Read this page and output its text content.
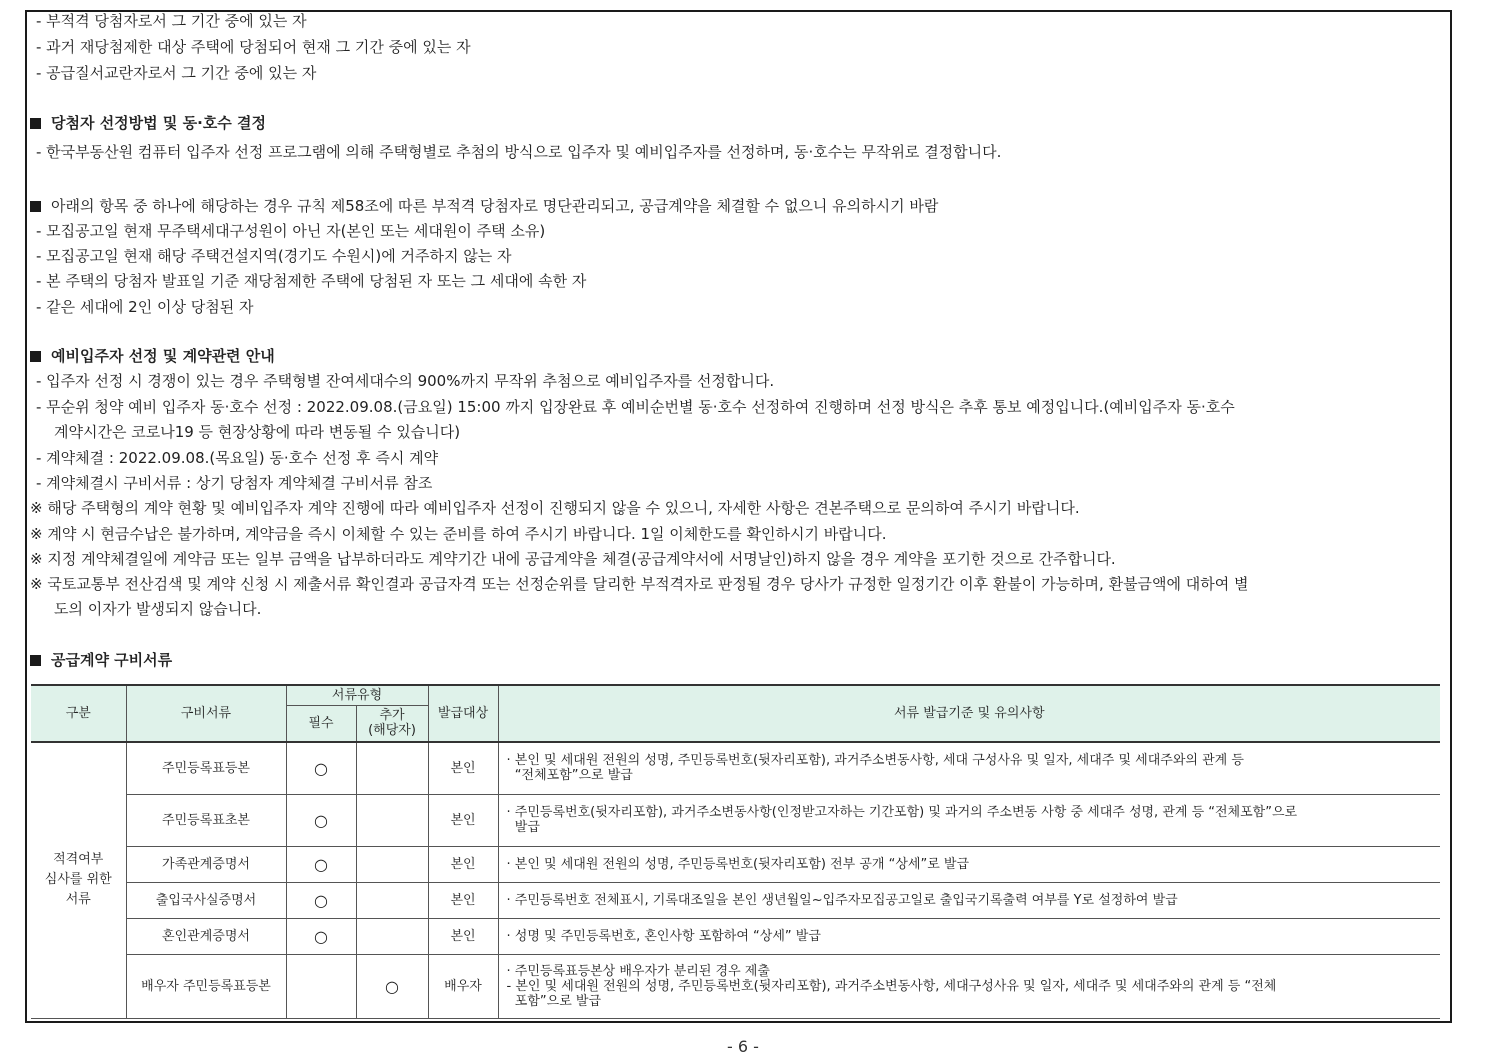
- 부적격 당첨자로서 그 기간 중에 있는 자
- 과거 재당첨제한 대상 주택에 당첨되어 현재 그 기간 중에 있는 자
- 공급질서교란자로서 그 기간 중에 있는 자
당첨자 선정방법 및 동·호수 결정
- 한국부동산원 컴퓨터 입주자 선정 프로그램에 의해 주택형별로 추첨의 방식으로 입주자 및 예비입주자를 선정하며, 동·호수는 무작위로 결정합니다.
아래의 항목 중 하나에 해당하는 경우 규칙 제58조에 따른 부적격 당첨자로 명단관리되고, 공급계약을 체결할 수 없으니 유의하시기 바람
- 모집공고일 현재 무주택세대구성원이 아닌 자(본인 또는 세대원이 주택 소유)
- 모집공고일 현재 해당 주택건설지역(경기도 수원시)에 거주하지 않는 자
- 본 주택의 당첨자 발표일 기준 재당첨제한 주택에 당첨된 자 또는 그 세대에 속한 자
- 같은 세대에 2인 이상 당첨된 자
예비입주자 선정 및 계약관련 안내
- 입주자 선정 시 경쟁이 있는 경우 주택형별 잔여세대수의 900%까지 무작위 추첨으로 예비입주자를 선정합니다.
- 무순위 청약 예비 입주자 동·호수 선정 : 2022.09.08.(금요일) 15:00 까지 입장완료 후 예비순번별 동·호수 선정하여 진행하며 선정 방식은 추후 통보 예정입니다.(예비입주자 동·호수
계약시간은 코로나19 등 현장상황에 따라 변동될 수 있습니다)
- 계약체결 : 2022.09.08.(목요일) 동·호수 선정 후 즉시 계약
- 계약체결시 구비서류 : 상기 당첨자 계약체결 구비서류 참조
※ 해당 주택형의 계약 현황 및 예비입주자 계약 진행에 따라 예비입주자 선정이 진행되지 않을 수 있으니, 자세한 사항은 견본주택으로 문의하여 주시기 바랍니다.
※ 계약 시 현금수납은 불가하며, 계약금을 즉시 이체할 수 있는 준비를 하여 주시기 바랍니다. 1일 이체한도를 확인하시기 바랍니다.
※ 지정 계약체결일에 계약금 또는 일부 금액을 납부하더라도 계약기간 내에 공급계약을 체결(공급계약서에 서명날인)하지 않을 경우 계약을 포기한 것으로 간주합니다.
※ 국토교통부 전산검색 및 계약 신청 시 제출서류 확인결과 공급자격 또는 선정순위를 달리한 부적격자로 판정될 경우 당사가 규정한 일정기간 이후 환불이 가능하며, 환불금액에 대하여 별
도의 이자가 발생되지 않습니다.
공급계약 구비서류
구분	구비서류	서류유형		발급대상	서류 발급기준 및 유의사항
		필수	추가
(해당자)		
적격여부
심사를 위한
서류	주민등록표등본	○		본인	· 본인 및 세대원 전원의 성명, 주민등록번호(뒷자리포함), 과거주소변동사항, 세대 구성사유 및 일자, 세대주 및 세대주와의 관계 등
“전체포함”으로 발급
	주민등록표초본	○		본인	· 주민등록번호(뒷자리포함), 과거주소변동사항(인정받고자하는 기간포함) 및 과거의 주소변동 사항 중 세대주 성명, 관계 등 “전체포함”으로
발급
	가족관계증명서	○		본인	· 본인 및 세대원 전원의 성명, 주민등록번호(뒷자리포함) 전부 공개 “상세”로 발급
	출입국사실증명서	○		본인	· 주민등록번호 전체표시, 기록대조일을 본인 생년월일~입주자모집공고일로 출입국기록출력 여부를 Y로 설정하여 발급
	혼인관계증명서	○		본인	· 성명 및 주민등록번호, 혼인사항 포함하여 “상세” 발급
	배우자 주민등록표등본		○	배우자	· 주민등록표등본상 배우자가 분리된 경우 제출
- 본인 및 세대원 전원의 성명, 주민등록번호(뒷자리포함), 과거주소변동사항, 세대구성사유 및 일자, 세대주 및 세대주와의 관계 등 “전체
포함”으로 발급
- 6 -
